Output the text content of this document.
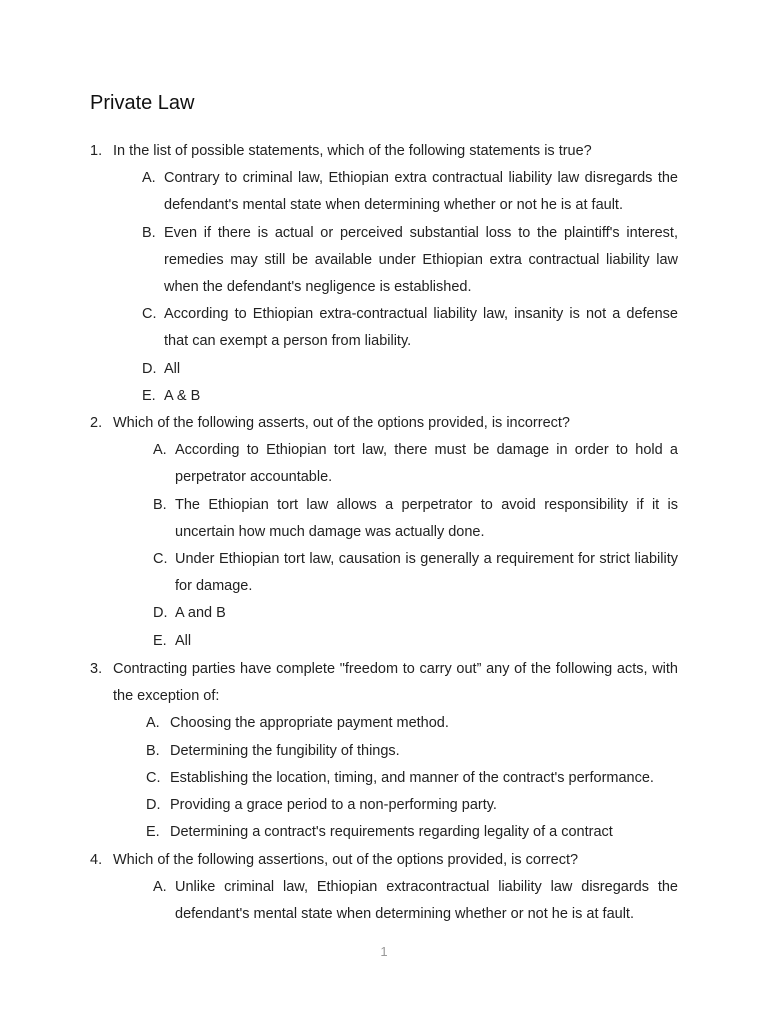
Private Law
1. In the list of possible statements, which of the following statements is true?
A. Contrary to criminal law, Ethiopian extra contractual liability law disregards the defendant's mental state when determining whether or not he is at fault.
B. Even if there is actual or perceived substantial loss to the plaintiff's interest, remedies may still be available under Ethiopian extra contractual liability law when the defendant's negligence is established.
C. According to Ethiopian extra-contractual liability law, insanity is not a defense that can exempt a person from liability.
D. All
E. A & B
2. Which of the following asserts, out of the options provided, is incorrect?
A. According to Ethiopian tort law, there must be damage in order to hold a perpetrator accountable.
B. The Ethiopian tort law allows a perpetrator to avoid responsibility if it is uncertain how much damage was actually done.
C. Under Ethiopian tort law, causation is generally a requirement for strict liability for damage.
D. A and B
E. All
3. Contracting parties have complete "freedom to carry out” any of the following acts, with the exception of:
A. Choosing the appropriate payment method.
B. Determining the fungibility of things.
C. Establishing the location, timing, and manner of the contract's performance.
D. Providing a grace period to a non-performing party.
E. Determining a contract's requirements regarding legality of a contract
4. Which of the following assertions, out of the options provided, is correct?
A. Unlike criminal law, Ethiopian extracontractual liability law disregards the defendant's mental state when determining whether or not he is at fault.
1
